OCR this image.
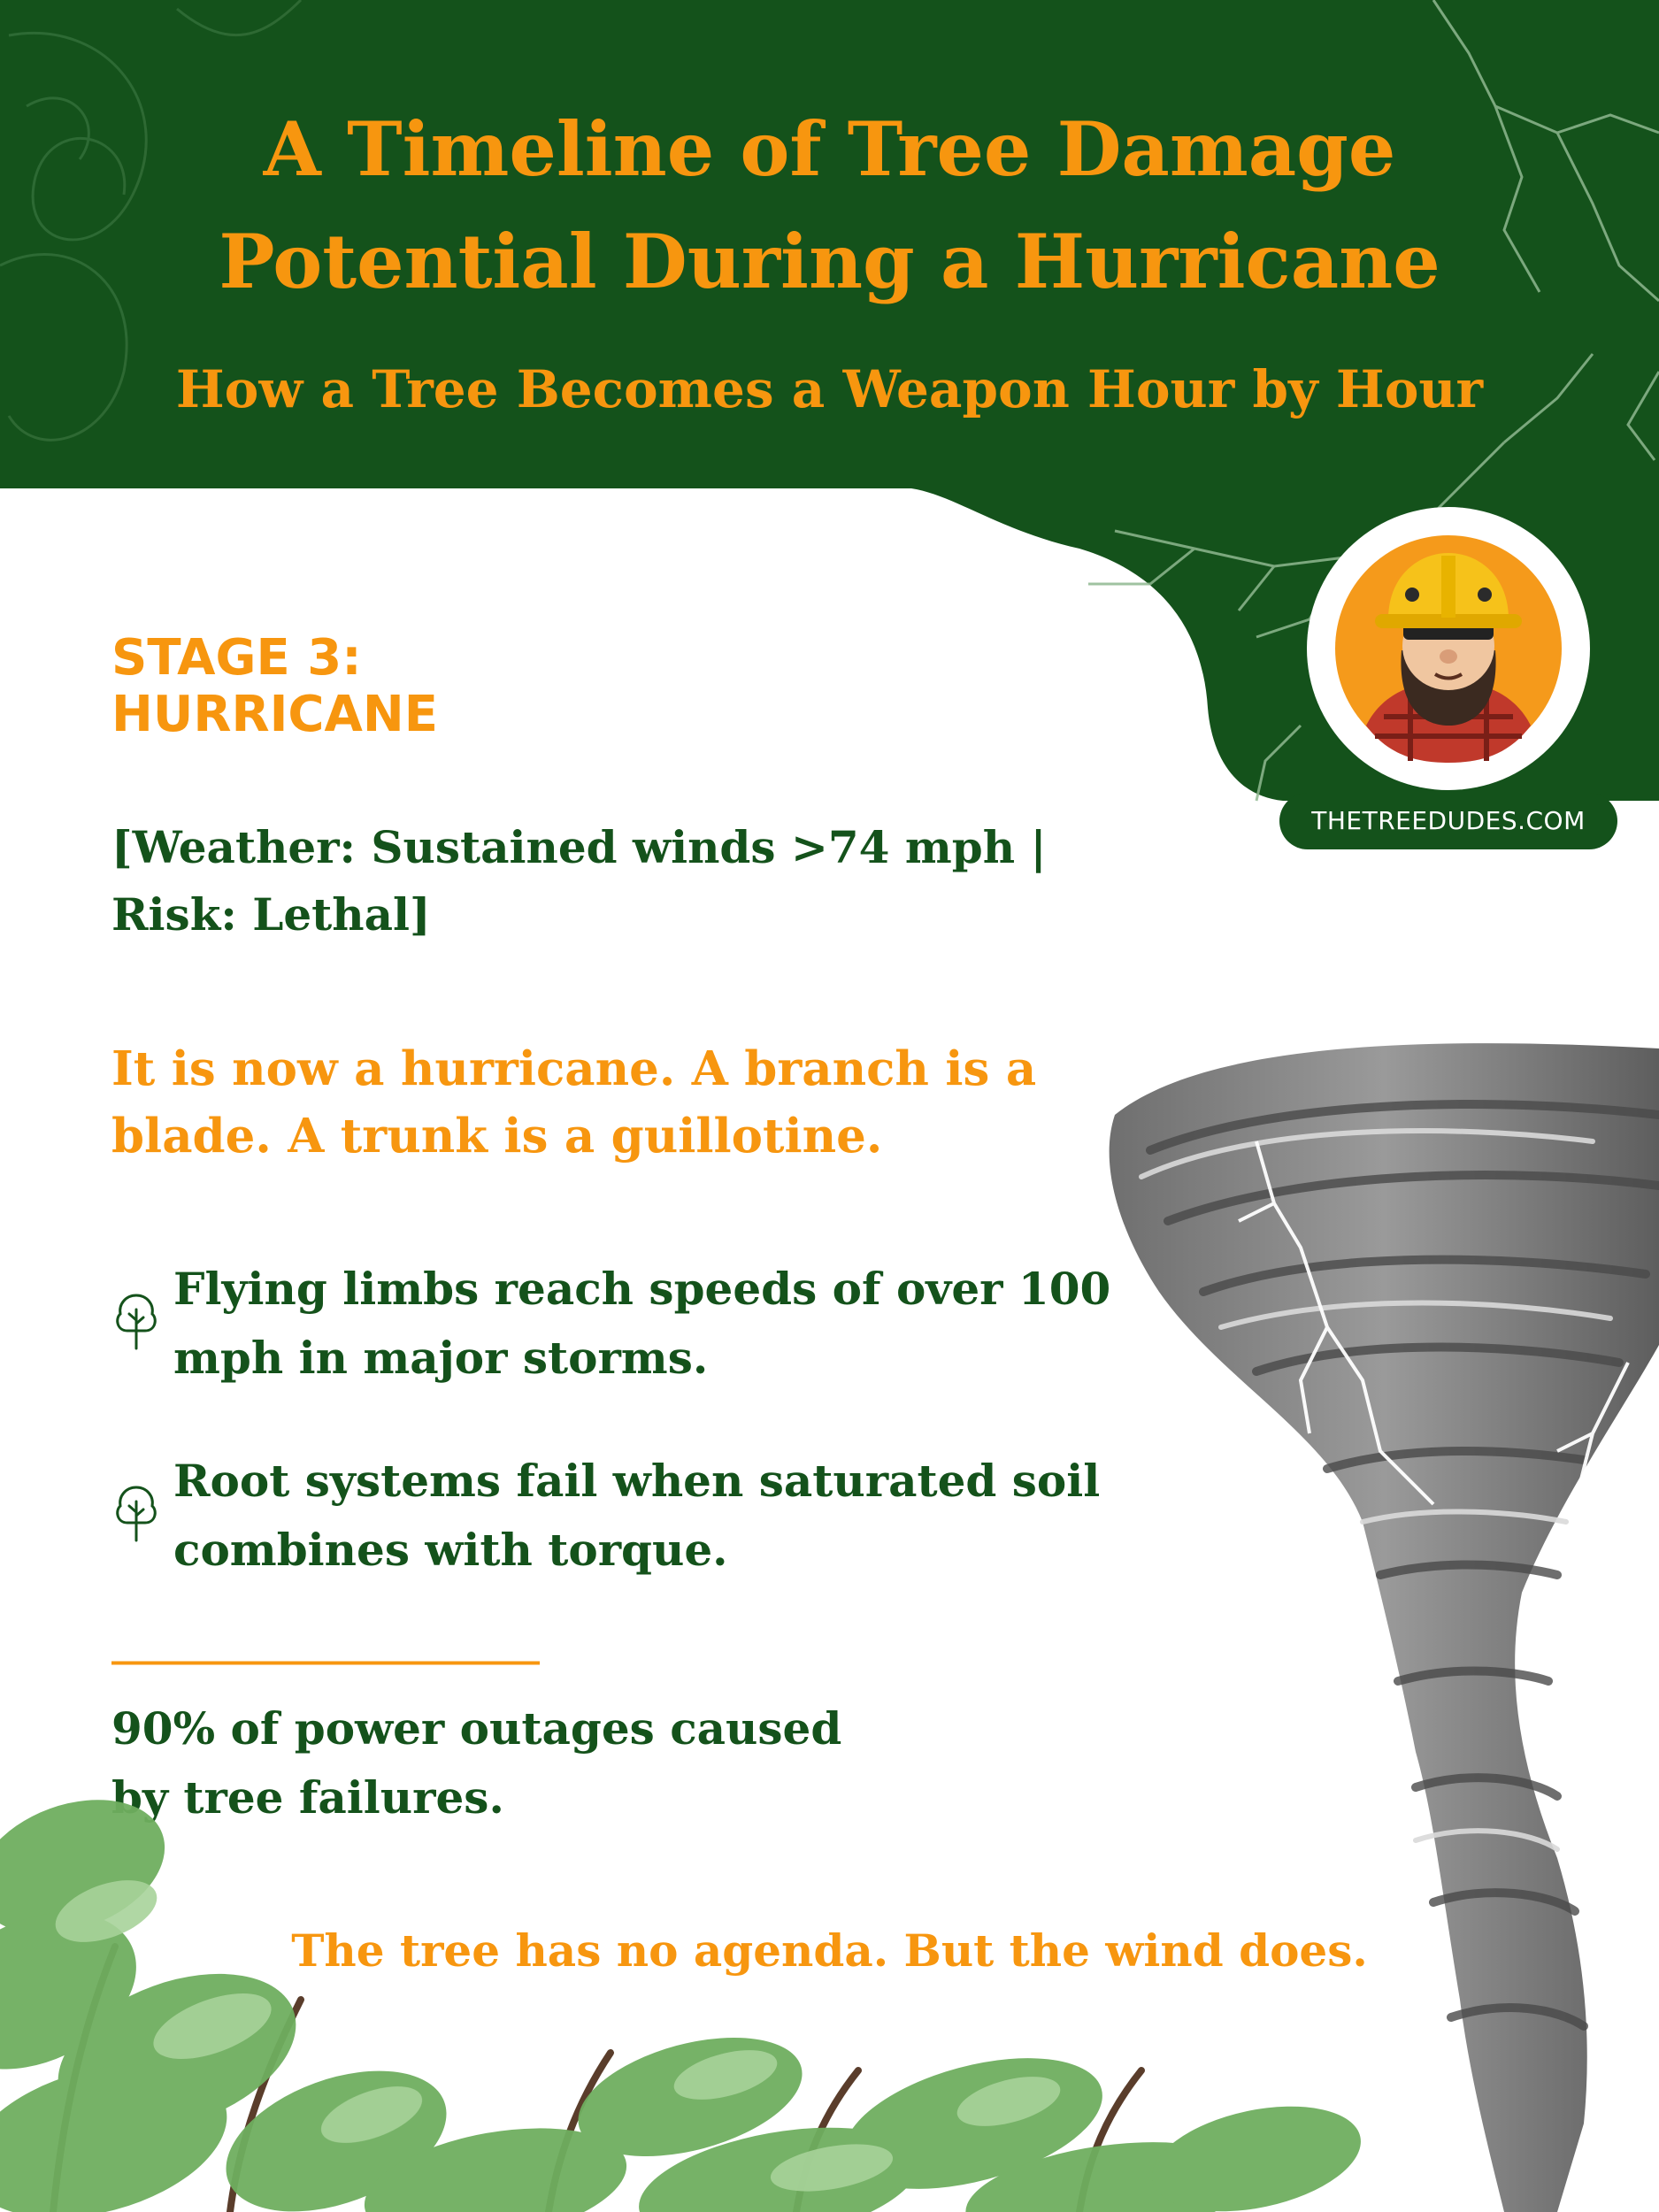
A Timeline of Tree Damage
Potential During a Hurricane

How a Tree Becomes a Weapon Hour by Hour

THETREEDUDES.COM
STAGE 3:
HURRICANE

[Weather: Sustained winds >74 mph | Risk: Lethal]

It is now a hurricane. A branch is a blade. A trunk is a guillotine.

Flying limbs reach speeds of over 100 mph in major storms.
Root systems fail when saturated soil combines with torque.

______________________

90% of power outages caused by tree failures.

The tree has no agenda. But the wind does.
